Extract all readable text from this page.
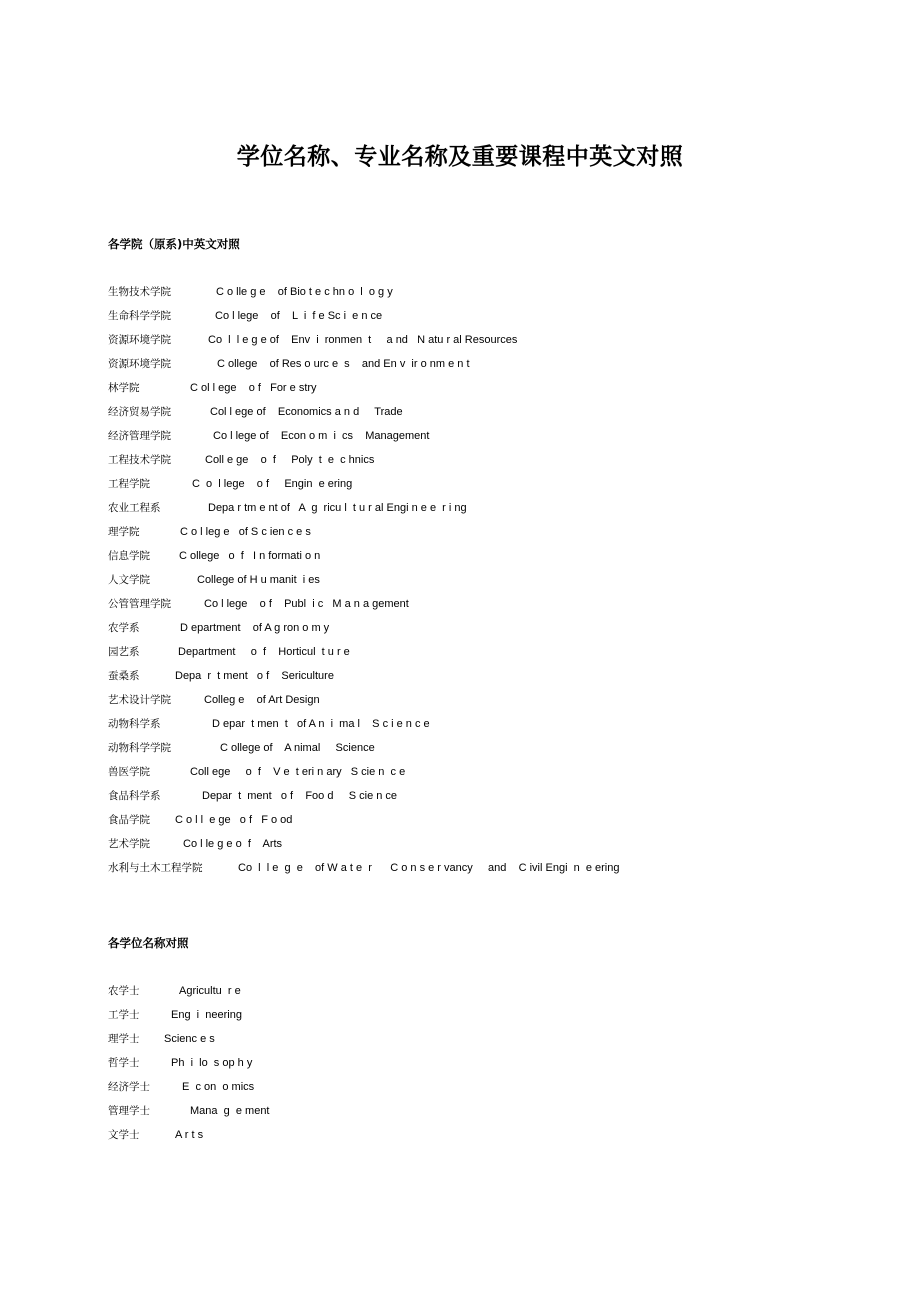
学位名称、专业名称及重要课程中英文对照
各学院（原系)中英文对照
生物技术学院	C o lle g e    of Bio t e c hn o  l  o g y
生命科学学院	Co l lege    of    L  i  f e Sc i  e n ce
资源环境学院	Co  l  l e g e of    Env  i  ronmen  t     a nd   N atu r al Resources
资源环境学院	C ollege    of Res o urc e  s    and En v  ir o nm e n t
林学院	C ol l ege    o f   For e stry
经济贸易学院	Col l ege of    Economics a n d     Trade
经济管理学院	Co l lege of    Econ o m  i  cs    Management
工程技术学院	Coll e ge    o  f     Poly  t  e  c hnics
工程学院	C  o  l lege    o f     Engin  e ering
农业工程系	Depa r tm e nt of   A  g  ricu l  t u r al Engi n e e  r i ng
理学院	C o l leg e   of S c ien c e s
信息学院	C ollege   o  f   I n formati o n
人文学院	College of H u manit  i es
公管管理学院	Co l lege    o f    Publ  i c   M a n a gement
农学系	D epartment    of A g ron o m y
园艺系	Department     o  f    Horticul  t u r e
蚕桑系	Depa  r  t ment   o f    Sericulture
艺术设计学院	Colleg e    of Art Design
动物科学系	D epar  t men  t   of A n  i  ma l    S c i e n c e
动物科学学院	C ollege of    A nimal     Science
兽医学院	Coll ege     o  f    V e  t eri n ary   S cie n  c e
食品科学系	Depar  t  ment   o f    Foo d     S cie n ce
食品学院 C o l l  e ge   o f   F o od
艺术学院	Co l le g e o  f    Arts
水利与土木工程学院	Co  l  l e  g  e    of W a t e  r      C o n s e r vancy     and    C ivil Engi  n  e ering
各学位名称对照
农学士	Agricultu  r e
工学士	Eng  i  neering
理学士 Scienc e s
哲学士	Ph  i  lo  s op h y
经济学士	E  c on  o mics
管理学士	Mana  g  e ment
文学士	A r t s
